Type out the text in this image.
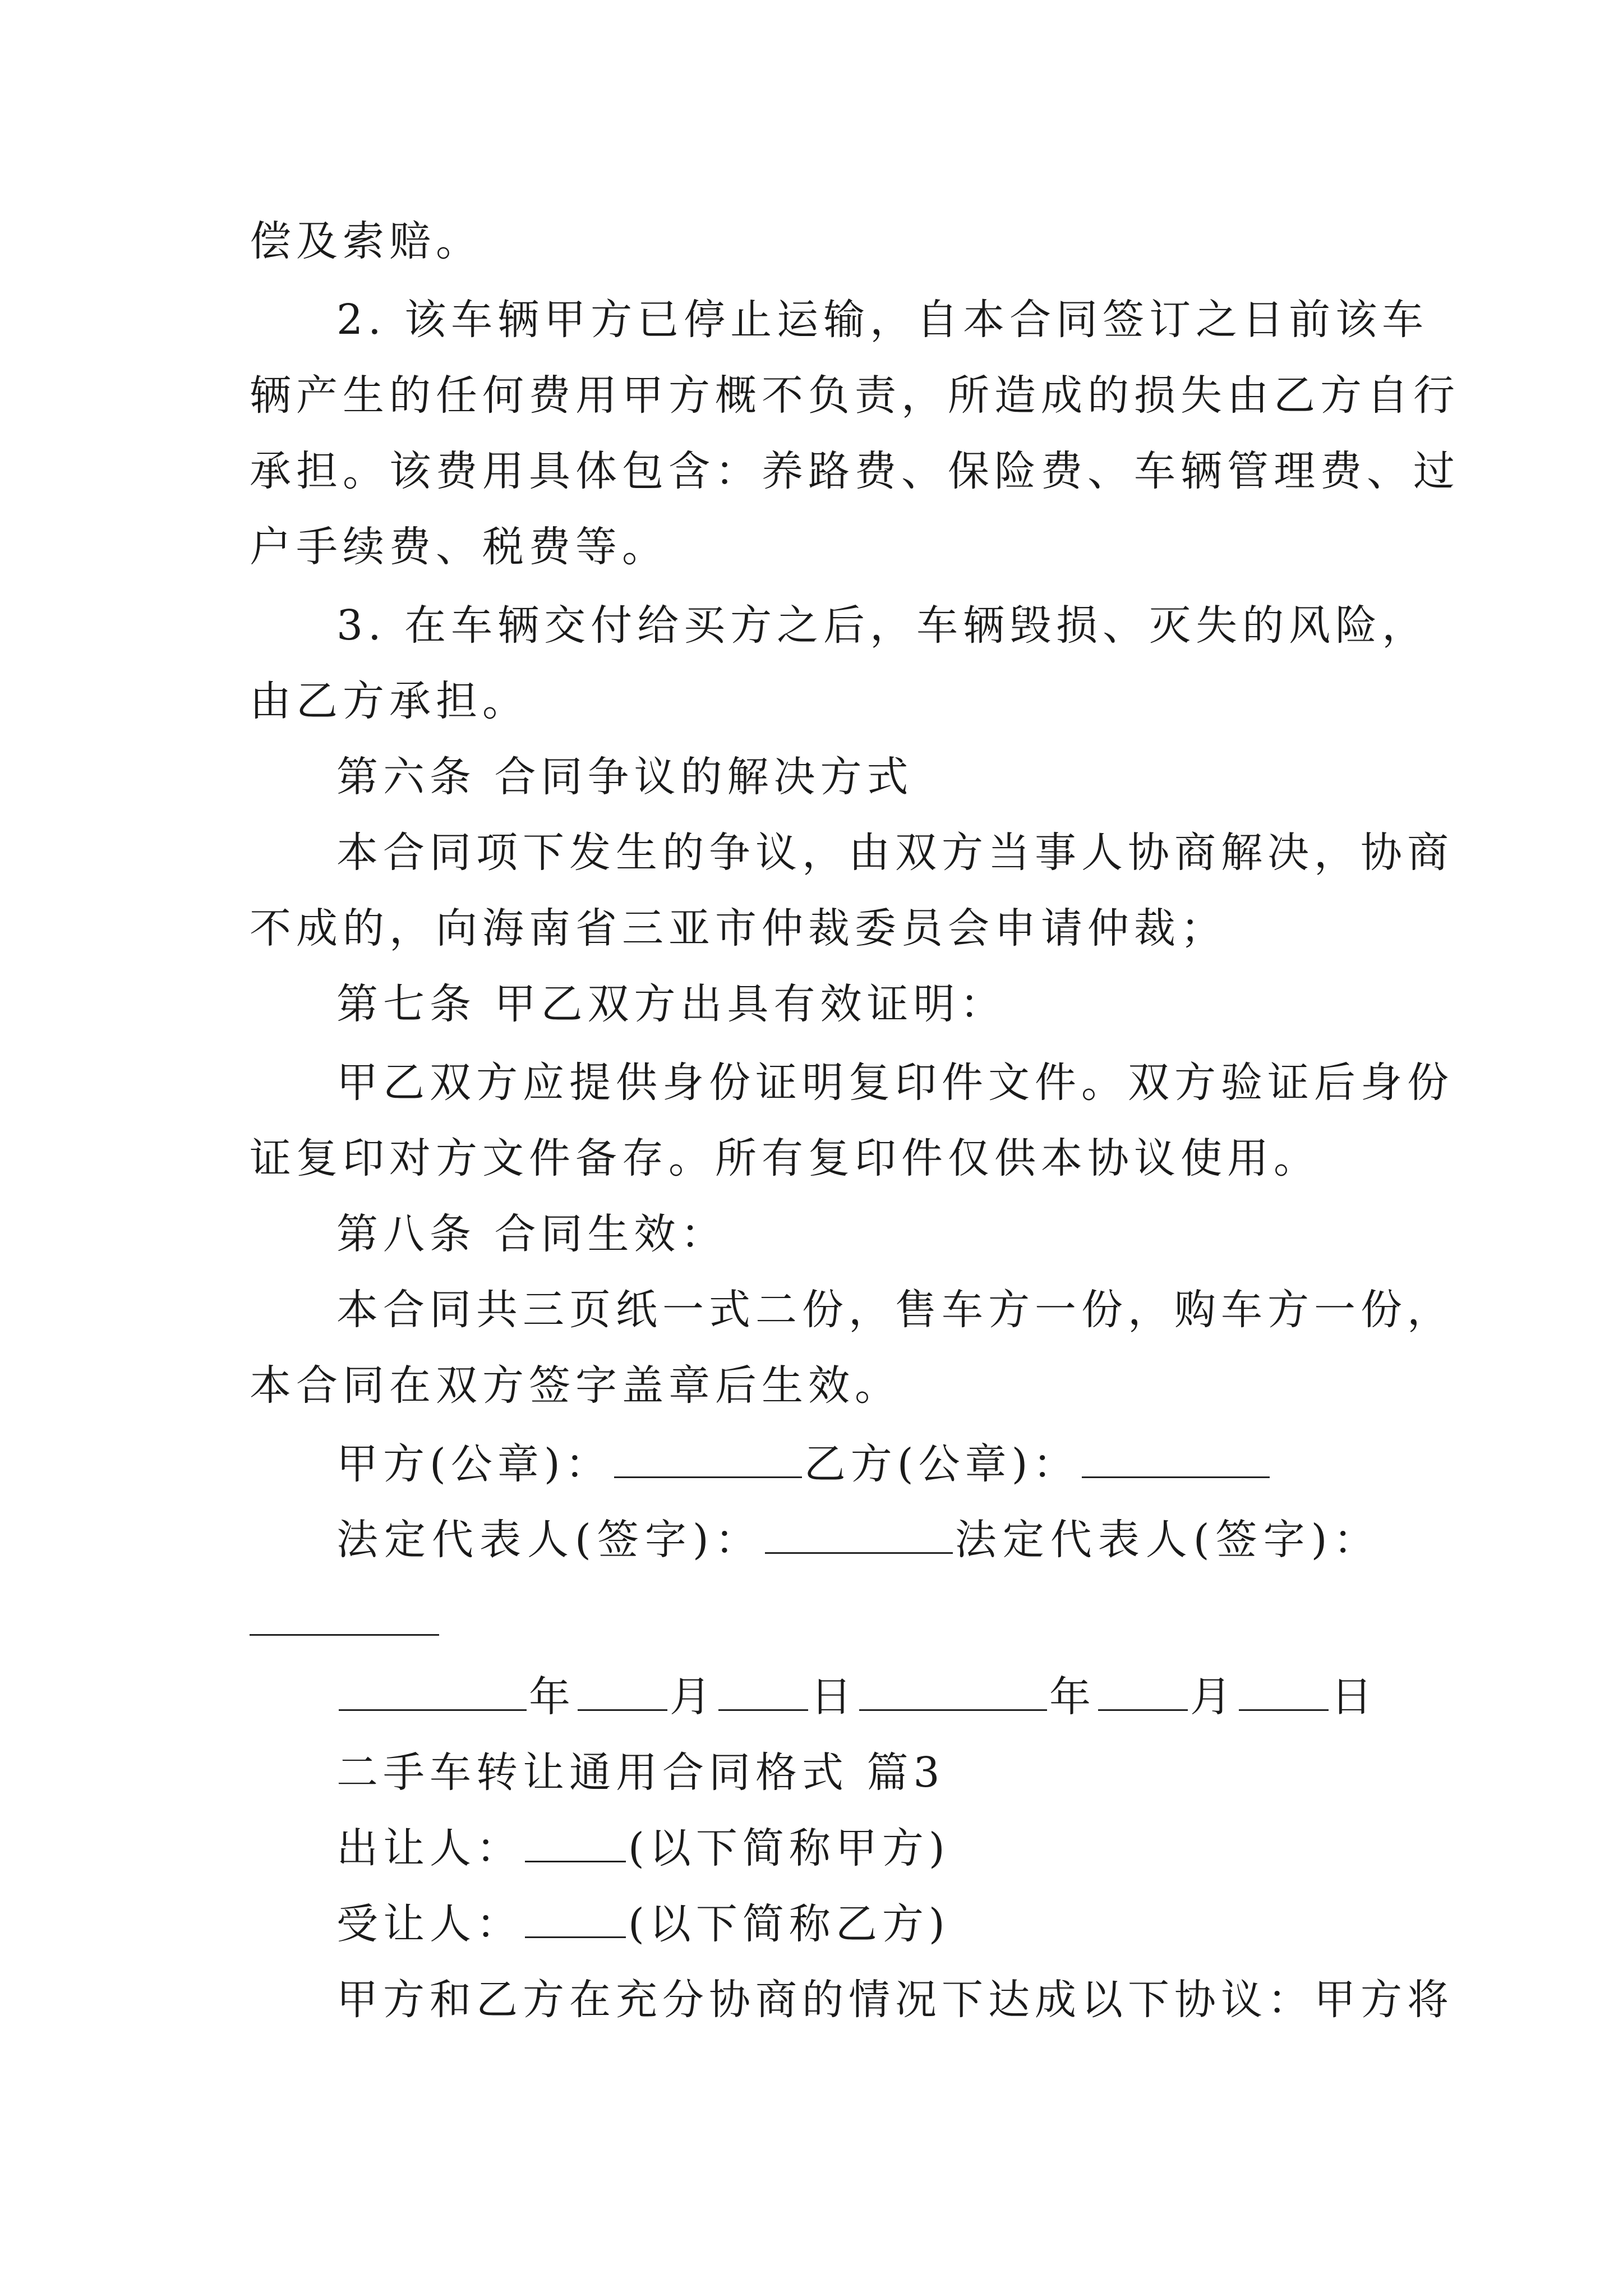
偿及索赔。
2. 该车辆甲方已停止运输，自本合同签订之日前该车
辆产生的任何费用甲方概不负责，所造成的损失由乙方自行
承担。该费用具体包含：养路费、保险费、车辆管理费、过
户手续费、税费等。
3. 在车辆交付给买方之后，车辆毁损、灭失的风险，
由乙方承担。
第六条 合同争议的解决方式
本合同项下发生的争议，由双方当事人协商解决，协商
不成的，向海南省三亚市仲裁委员会申请仲裁；
第七条 甲乙双方出具有效证明：
甲乙双方应提供身份证明复印件文件。双方验证后身份
证复印对方文件备存。所有复印件仅供本协议使用。
第八条 合同生效：
本合同共三页纸一式二份，售车方一份，购车方一份，
本合同在双方签字盖章后生效。
甲方(公章)：	乙方(公章)：
法定代表人(签字)：	法定代表人(签字)：
年 月 日	年 月 日
二手车转让通用合同格式 篇3
出让人：	(以下简称甲方)
受让人：	(以下简称乙方)
甲方和乙方在充分协商的情况下达成以下协议：甲方将
